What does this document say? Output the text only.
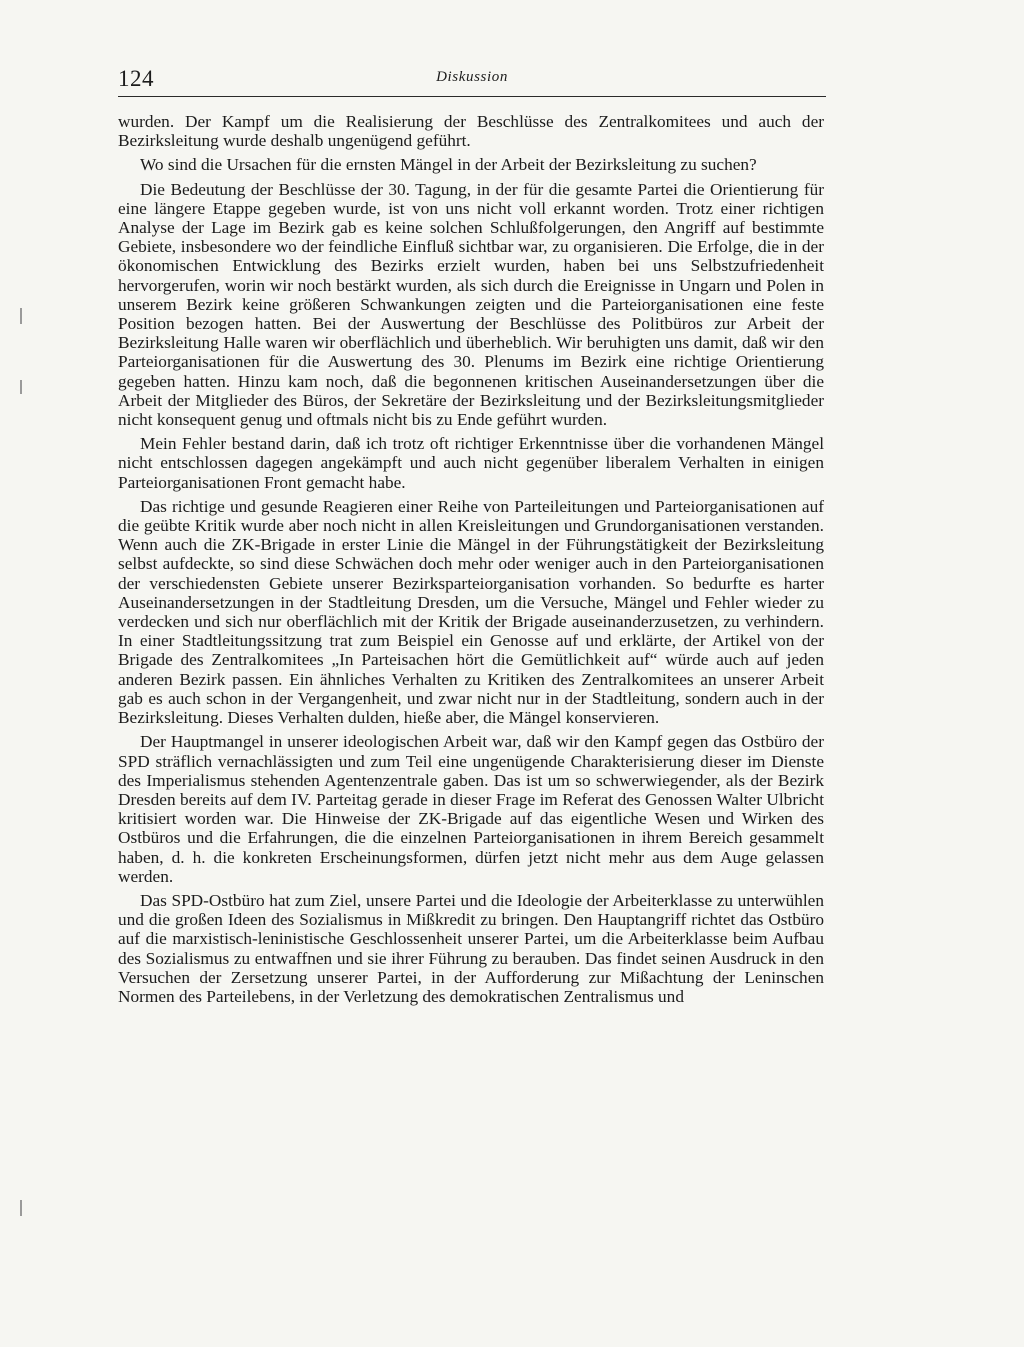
124	Diskussion

wurden. Der Kampf um die Realisierung der Beschlüsse des Zentralkomitees und auch der Bezirksleitung wurde deshalb ungenügend geführt.

Wo sind die Ursachen für die ernsten Mängel in der Arbeit der Bezirksleitung zu suchen?

Die Bedeutung der Beschlüsse der 30. Tagung, in der für die gesamte Partei die Orientierung für eine längere Etappe gegeben wurde, ist von uns nicht voll erkannt worden. Trotz einer richtigen Analyse der Lage im Bezirk gab es keine solchen Schlußfolgerungen, den Angriff auf bestimmte Gebiete, insbesondere wo der feindliche Einfluß sichtbar war, zu organisieren. Die Erfolge, die in der ökonomischen Entwicklung des Bezirks erzielt wurden, haben bei uns Selbstzufriedenheit hervorgerufen, worin wir noch bestärkt wurden, als sich durch die Ereignisse in Ungarn und Polen in unserem Bezirk keine größeren Schwankungen zeigten und die Parteiorganisationen eine feste Position bezogen hatten. Bei der Auswertung der Beschlüsse des Politbüros zur Arbeit der Bezirksleitung Halle waren wir oberflächlich und überheblich. Wir beruhigten uns damit, daß wir den Parteiorganisationen für die Auswertung des 30. Plenums im Bezirk eine richtige Orientierung gegeben hatten. Hinzu kam noch, daß die begonnenen kritischen Auseinandersetzungen über die Arbeit der Mitglieder des Büros, der Sekretäre der Bezirksleitung und der Bezirksleitungsmitglieder nicht konsequent genug und oftmals nicht bis zu Ende geführt wurden.

Mein Fehler bestand darin, daß ich trotz oft richtiger Erkenntnisse über die vorhandenen Mängel nicht entschlossen dagegen angekämpft und auch nicht gegenüber liberalem Verhalten in einigen Parteiorganisationen Front gemacht habe.

Das richtige und gesunde Reagieren einer Reihe von Parteileitungen und Parteiorganisationen auf die geübte Kritik wurde aber noch nicht in allen Kreisleitungen und Grundorganisationen verstanden. Wenn auch die ZK-Brigade in erster Linie die Mängel in der Führungstätigkeit der Bezirksleitung selbst aufdeckte, so sind diese Schwächen doch mehr oder weniger auch in den Parteiorganisationen der verschiedensten Gebiete unserer Bezirksparteiorganisation vorhanden. So bedurfte es harter Auseinandersetzungen in der Stadtleitung Dresden, um die Versuche, Mängel und Fehler wieder zu verdecken und sich nur oberflächlich mit der Kritik der Brigade auseinanderzusetzen, zu verhindern. In einer Stadtleitungssitzung trat zum Beispiel ein Genosse auf und erklärte, der Artikel von der Brigade des Zentralkomitees „In Parteisachen hört die Gemütlichkeit auf“ würde auch auf jeden anderen Bezirk passen. Ein ähnliches Verhalten zu Kritiken des Zentralkomitees an unserer Arbeit gab es auch schon in der Vergangenheit, und zwar nicht nur in der Stadtleitung, sondern auch in der Bezirksleitung. Dieses Verhalten dulden, hieße aber, die Mängel konservieren.

Der Hauptmangel in unserer ideologischen Arbeit war, daß wir den Kampf gegen das Ostbüro der SPD sträflich vernachlässigten und zum Teil eine ungenügende Charakterisierung dieser im Dienste des Imperialismus stehenden Agentenzentrale gaben. Das ist um so schwerwiegender, als der Bezirk Dresden bereits auf dem IV. Parteitag gerade in dieser Frage im Referat des Genossen Walter Ulbricht kritisiert worden war. Die Hinweise der ZK-Brigade auf das eigentliche Wesen und Wirken des Ostbüros und die Erfahrungen, die die einzelnen Parteiorganisationen in ihrem Bereich gesammelt haben, d. h. die konkreten Erscheinungsformen, dürfen jetzt nicht mehr aus dem Auge gelassen werden.

Das SPD-Ostbüro hat zum Ziel, unsere Partei und die Ideologie der Arbeiterklasse zu unterwühlen und die großen Ideen des Sozialismus in Mißkredit zu bringen. Den Hauptangriff richtet das Ostbüro auf die marxistisch-leninistische Geschlossenheit unserer Partei, um die Arbeiterklasse beim Aufbau des Sozialismus zu entwaffnen und sie ihrer Führung zu berauben. Das findet seinen Ausdruck in den Versuchen der Zersetzung unserer Partei, in der Aufforderung zur Mißachtung der Leninschen Normen des Parteilebens, in der Verletzung des demokratischen Zentralismus und
